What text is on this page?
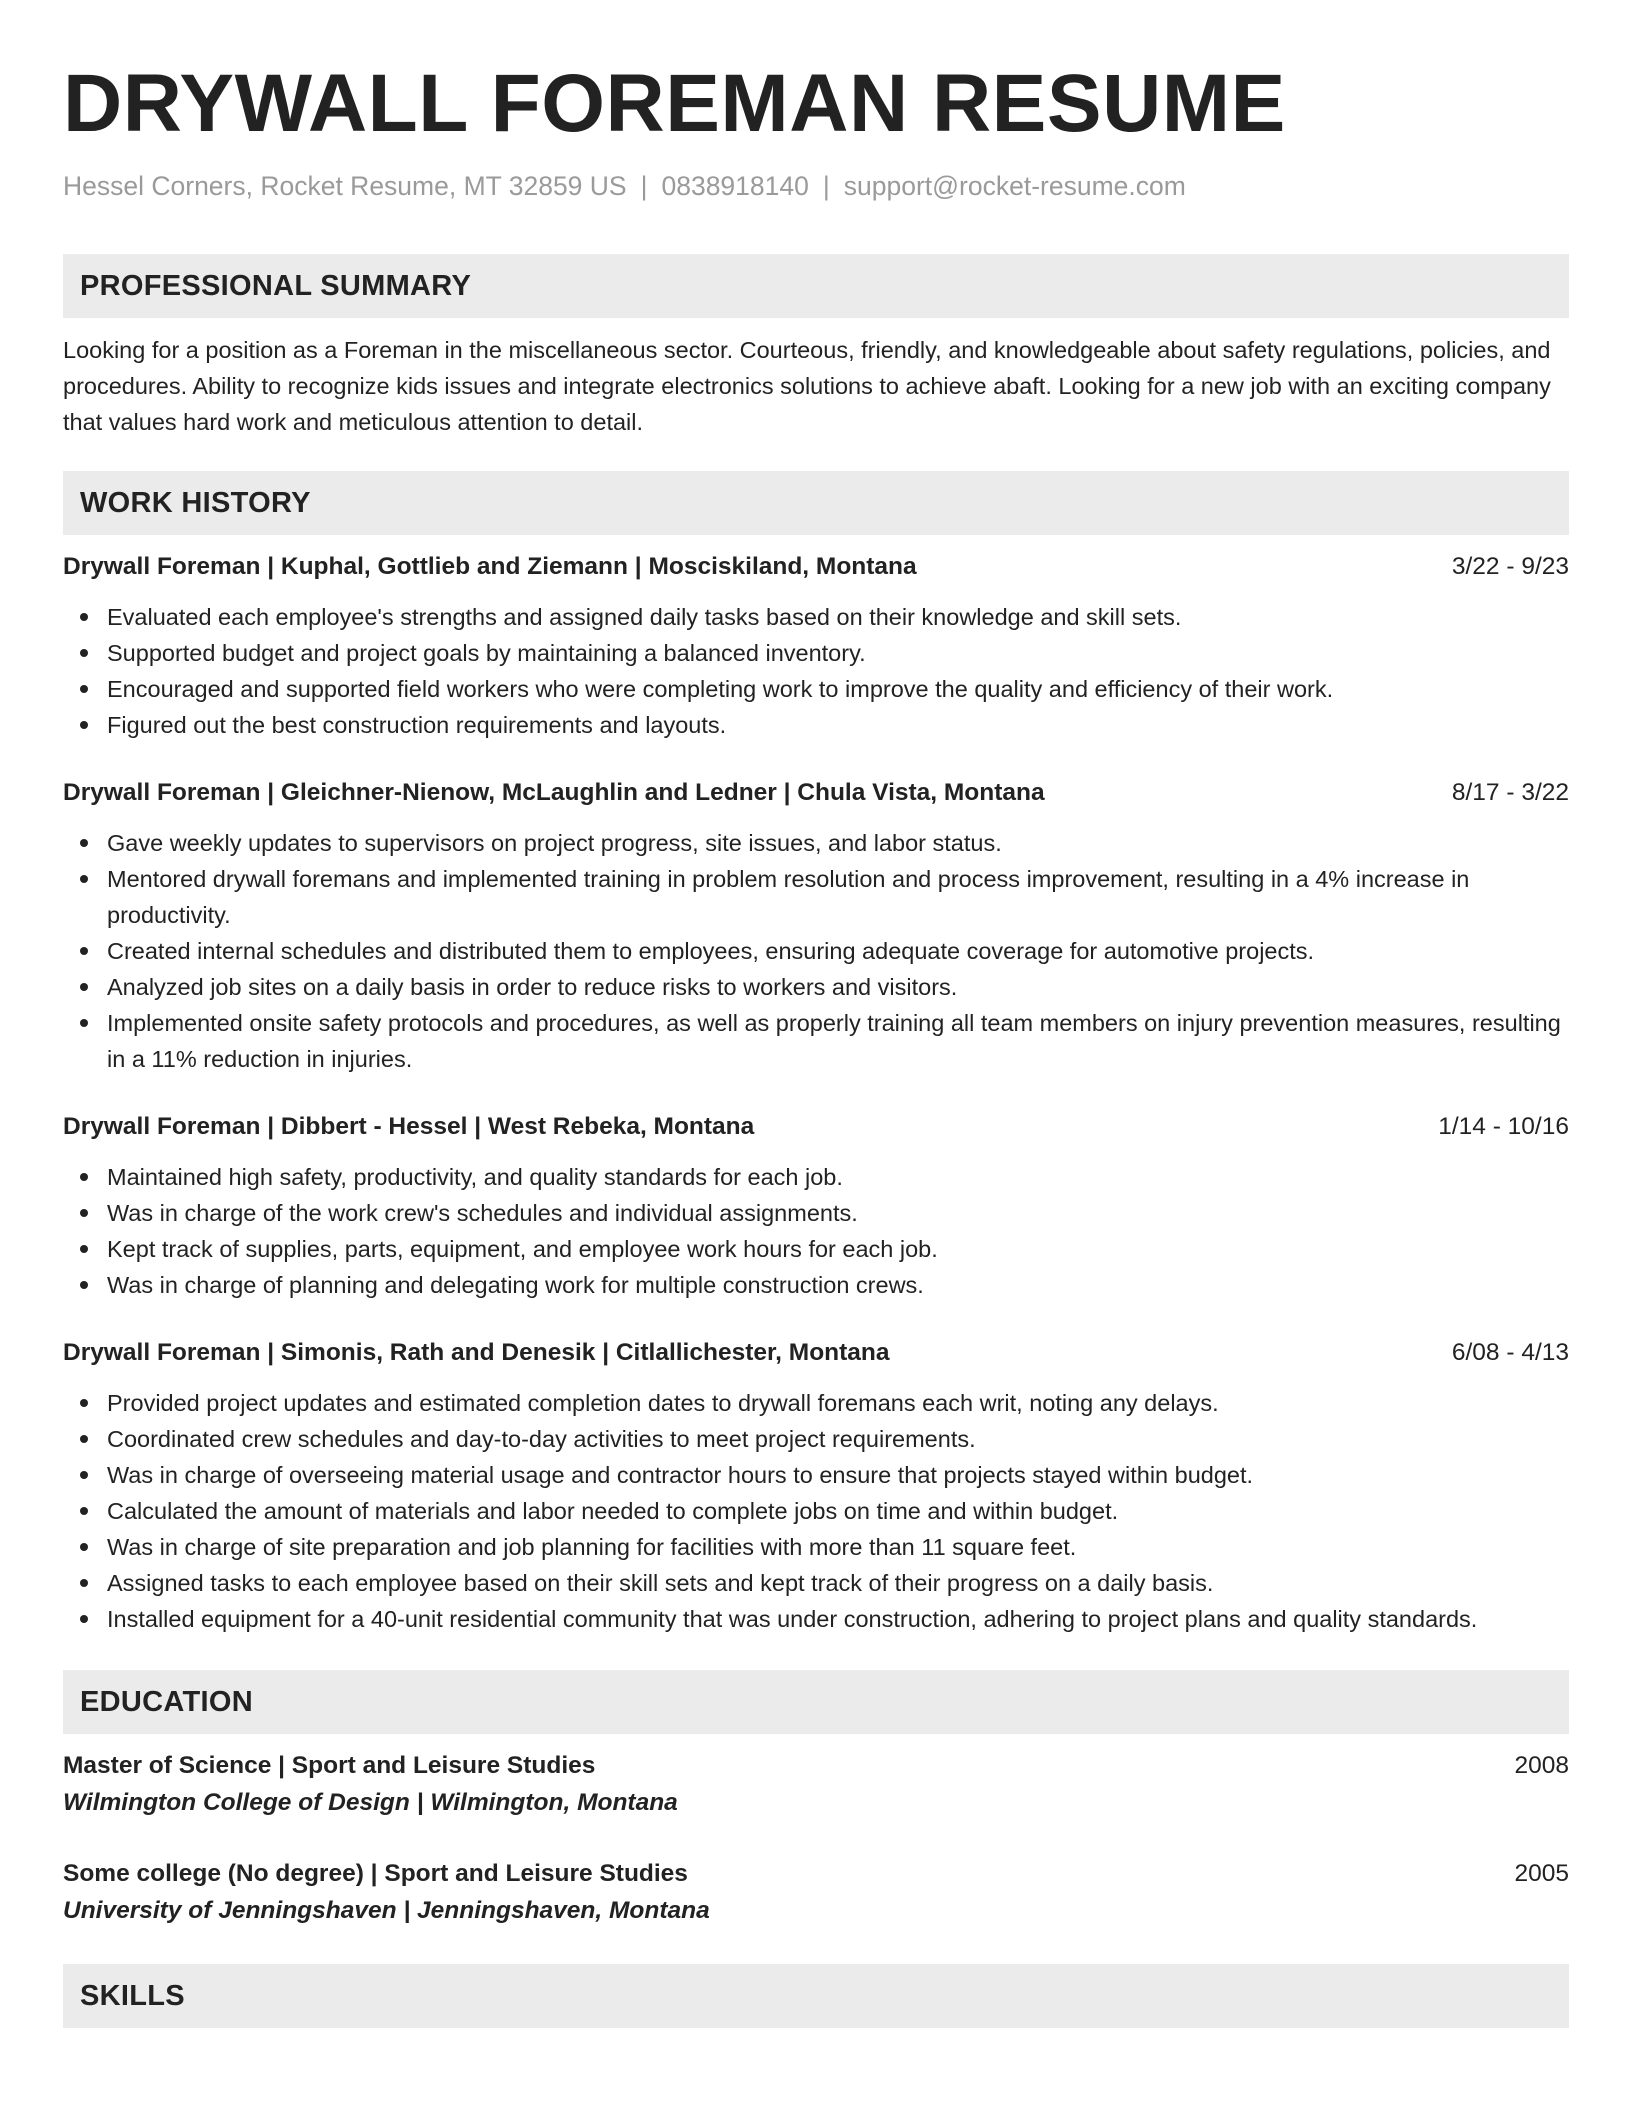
DRYWALL FOREMAN RESUME
Hessel Corners, Rocket Resume, MT 32859 US | 0838918140 | support@rocket-resume.com
PROFESSIONAL SUMMARY
Looking for a position as a Foreman in the miscellaneous sector. Courteous, friendly, and knowledgeable about safety regulations, policies, and procedures. Ability to recognize kids issues and integrate electronics solutions to achieve abaft. Looking for a new job with an exciting company that values hard work and meticulous attention to detail.
WORK HISTORY
Drywall Foreman | Kuphal, Gottlieb and Ziemann | Mosciskiland, Montana	3/22 - 9/23
Evaluated each employee's strengths and assigned daily tasks based on their knowledge and skill sets.
Supported budget and project goals by maintaining a balanced inventory.
Encouraged and supported field workers who were completing work to improve the quality and efficiency of their work.
Figured out the best construction requirements and layouts.
Drywall Foreman | Gleichner-Nienow, McLaughlin and Ledner | Chula Vista, Montana	8/17 - 3/22
Gave weekly updates to supervisors on project progress, site issues, and labor status.
Mentored drywall foremans and implemented training in problem resolution and process improvement, resulting in a 4% increase in productivity.
Created internal schedules and distributed them to employees, ensuring adequate coverage for automotive projects.
Analyzed job sites on a daily basis in order to reduce risks to workers and visitors.
Implemented onsite safety protocols and procedures, as well as properly training all team members on injury prevention measures, resulting in a 11% reduction in injuries.
Drywall Foreman | Dibbert - Hessel | West Rebeka, Montana	1/14 - 10/16
Maintained high safety, productivity, and quality standards for each job.
Was in charge of the work crew's schedules and individual assignments.
Kept track of supplies, parts, equipment, and employee work hours for each job.
Was in charge of planning and delegating work for multiple construction crews.
Drywall Foreman | Simonis, Rath and Denesik | Citlallichester, Montana	6/08 - 4/13
Provided project updates and estimated completion dates to drywall foremans each writ, noting any delays.
Coordinated crew schedules and day-to-day activities to meet project requirements.
Was in charge of overseeing material usage and contractor hours to ensure that projects stayed within budget.
Calculated the amount of materials and labor needed to complete jobs on time and within budget.
Was in charge of site preparation and job planning for facilities with more than 11 square feet.
Assigned tasks to each employee based on their skill sets and kept track of their progress on a daily basis.
Installed equipment for a 40-unit residential community that was under construction, adhering to project plans and quality standards.
EDUCATION
Master of Science | Sport and Leisure Studies	2008
Wilmington College of Design | Wilmington, Montana
Some college (No degree) | Sport and Leisure Studies	2005
University of Jenningshaven | Jenningshaven, Montana
SKILLS
